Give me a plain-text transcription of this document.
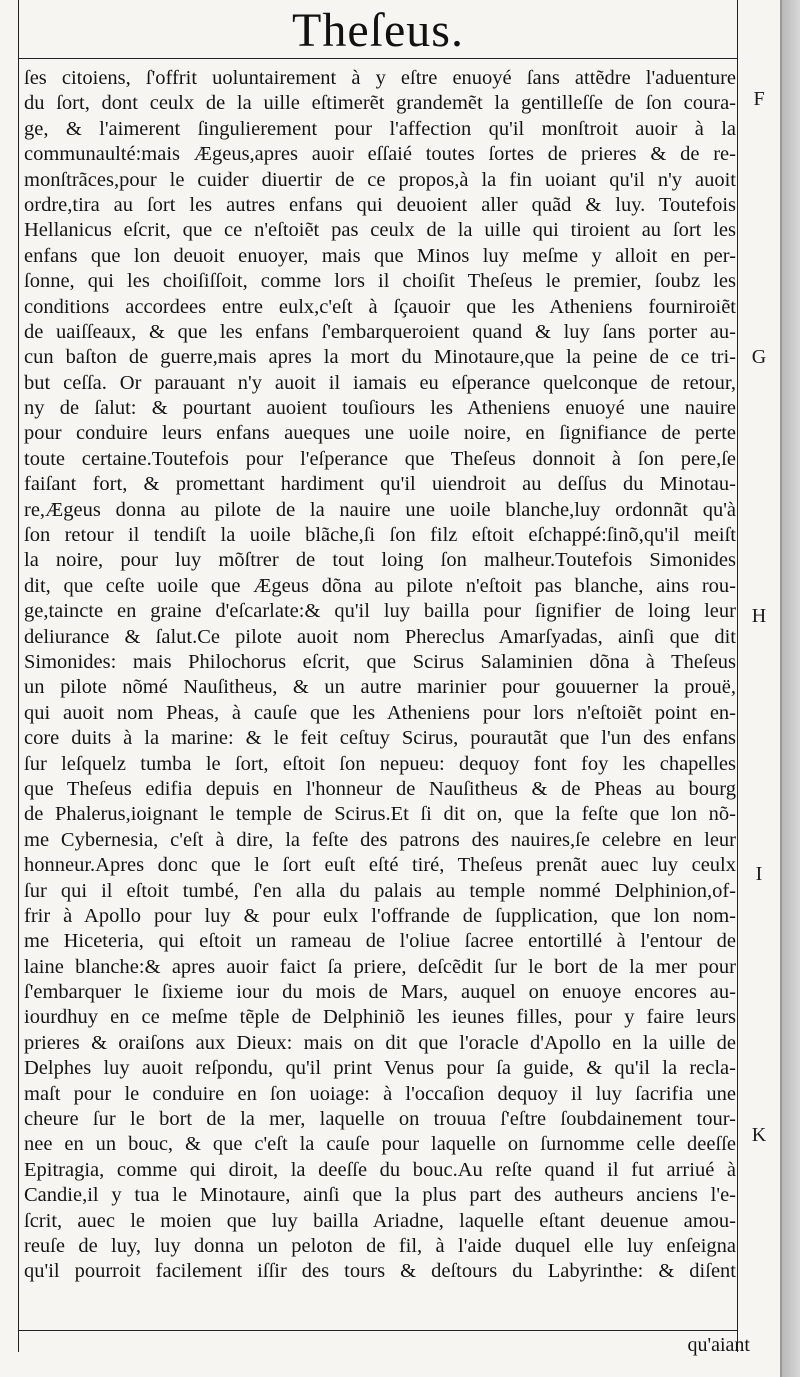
Theſeus.
ſes citoiens, ſ'offrit uoluntairement à y eſtre enuoyé ſans attẽdre l'aduenture
du ſort, dont ceulx de la uille eſtimerẽt grandemẽt la gentilleſſe de ſon coura-
ge, & l'aimerent ſingulierement pour l'affection qu'il monſtroit auoir à la
communaulté:mais Ægeus,apres auoir eſſaié toutes ſortes de prieres & de re-
monſtrãces,pour le cuider diuertir de ce propos,à la fin uoiant qu'il n'y auoit
ordre,tira au ſort les autres enfans qui deuoient aller quãd & luy. Toutefois
Hellanicus eſcrit, que ce n'eſtoiẽt pas ceulx de la uille qui tiroient au ſort les
enfans que lon deuoit enuoyer, mais que Minos luy meſme y alloit en per-
ſonne, qui les choiſiſſoit, comme lors il choiſit Theſeus le premier, ſoubz les
conditions accordees entre eulx,c'eſt à ſçauoir que les Atheniens fourniroiẽt
de uaiſſeaux, & que les enfans ſ'embarqueroient quand & luy ſans porter au-
cun baſton de guerre,mais apres la mort du Minotaure,que la peine de ce tri-
but ceſſa. Or parauant n'y auoit il iamais eu eſperance quelconque de retour,
ny de ſalut: & pourtant auoient touſiours les Atheniens enuoyé une nauire
pour conduire leurs enfans aueques une uoile noire, en ſignifiance de perte
toute certaine.Toutefois pour l'eſperance que Theſeus donnoit à ſon pere,ſe
faiſant fort, & promettant hardiment qu'il uiendroit au deſſus du Minotau-
re,Ægeus donna au pilote de la nauire une uoile blanche,luy ordonnãt qu'à
ſon retour il tendiſt la uoile blãche,ſi ſon filz eſtoit eſchappé:ſinõ,qu'il meiſt
la noire, pour luy mõſtrer de tout loing ſon malheur.Toutefois Simonides
dit, que ceſte uoile que Ægeus dõna au pilote n'eſtoit pas blanche, ains rou-
ge,taincte en graine d'eſcarlate:& qu'il luy bailla pour ſignifier de loing leur
deliurance & ſalut.Ce pilote auoit nom Phereclus Amarſyadas, ainſi que dit
Simonides: mais Philochorus eſcrit, que Scirus Salaminien dõna à Theſeus
un pilote nõmé Nauſitheus, & un autre marinier pour gouuerner la prouë,
qui auoit nom Pheas, à cauſe que les Atheniens pour lors n'eſtoiẽt point en-
core duits à la marine: & le feit ceſtuy Scirus, pourautãt que l'un des enfans
ſur leſquelz tumba le ſort, eſtoit ſon nepueu: dequoy font foy les chapelles
que Theſeus edifia depuis en l'honneur de Nauſitheus & de Pheas au bourg
de Phalerus,ioignant le temple de Scirus.Et ſi dit on, que la feſte que lon nõ-
me Cybernesia, c'eſt à dire, la feſte des patrons des nauires,ſe celebre en leur
honneur.Apres donc que le ſort euſt eſté tiré, Theſeus prenãt auec luy ceulx
ſur qui il eſtoit tumbé, ſ'en alla du palais au temple nommé Delphinion,of-
frir à Apollo pour luy & pour eulx l'offrande de ſupplication, que lon nom-
me Hiceteria, qui eſtoit un rameau de l'oliue ſacree entortillé à l'entour de
laine blanche:& apres auoir faict ſa priere, deſcẽdit ſur le bort de la mer pour
ſ'embarquer le ſixieme iour du mois de Mars, auquel on enuoye encores au-
iourdhuy en ce meſme tẽple de Delphiniõ les ieunes filles, pour y faire leurs
prieres & oraiſons aux Dieux: mais on dit que l'oracle d'Apollo en la uille de
Delphes luy auoit reſpondu, qu'il print Venus pour ſa guide, & qu'il la recla-
maſt pour le conduire en ſon uoiage: à l'occaſion dequoy il luy ſacrifia une
cheure ſur le bort de la mer, laquelle on trouua ſ'eſtre ſoubdainement tour-
nee en un bouc, & que c'eſt la cauſe pour laquelle on ſurnomme celle deeſſe
Epitragia, comme qui diroit, la deeſſe du bouc.Au reſte quand il fut arriué à
Candie,il y tua le Minotaure, ainſi que la plus part des autheurs anciens l'e-
ſcrit, auec le moien que luy bailla Ariadne, laquelle eſtant deuenue amou-
reuſe de luy, luy donna un peloton de fil, à l'aide duquel elle luy enſeigna
qu'il pourroit facilement iſſir des tours & deſtours du Labyrinthe: & diſent
F
G
H
I
K
qu'aiant
